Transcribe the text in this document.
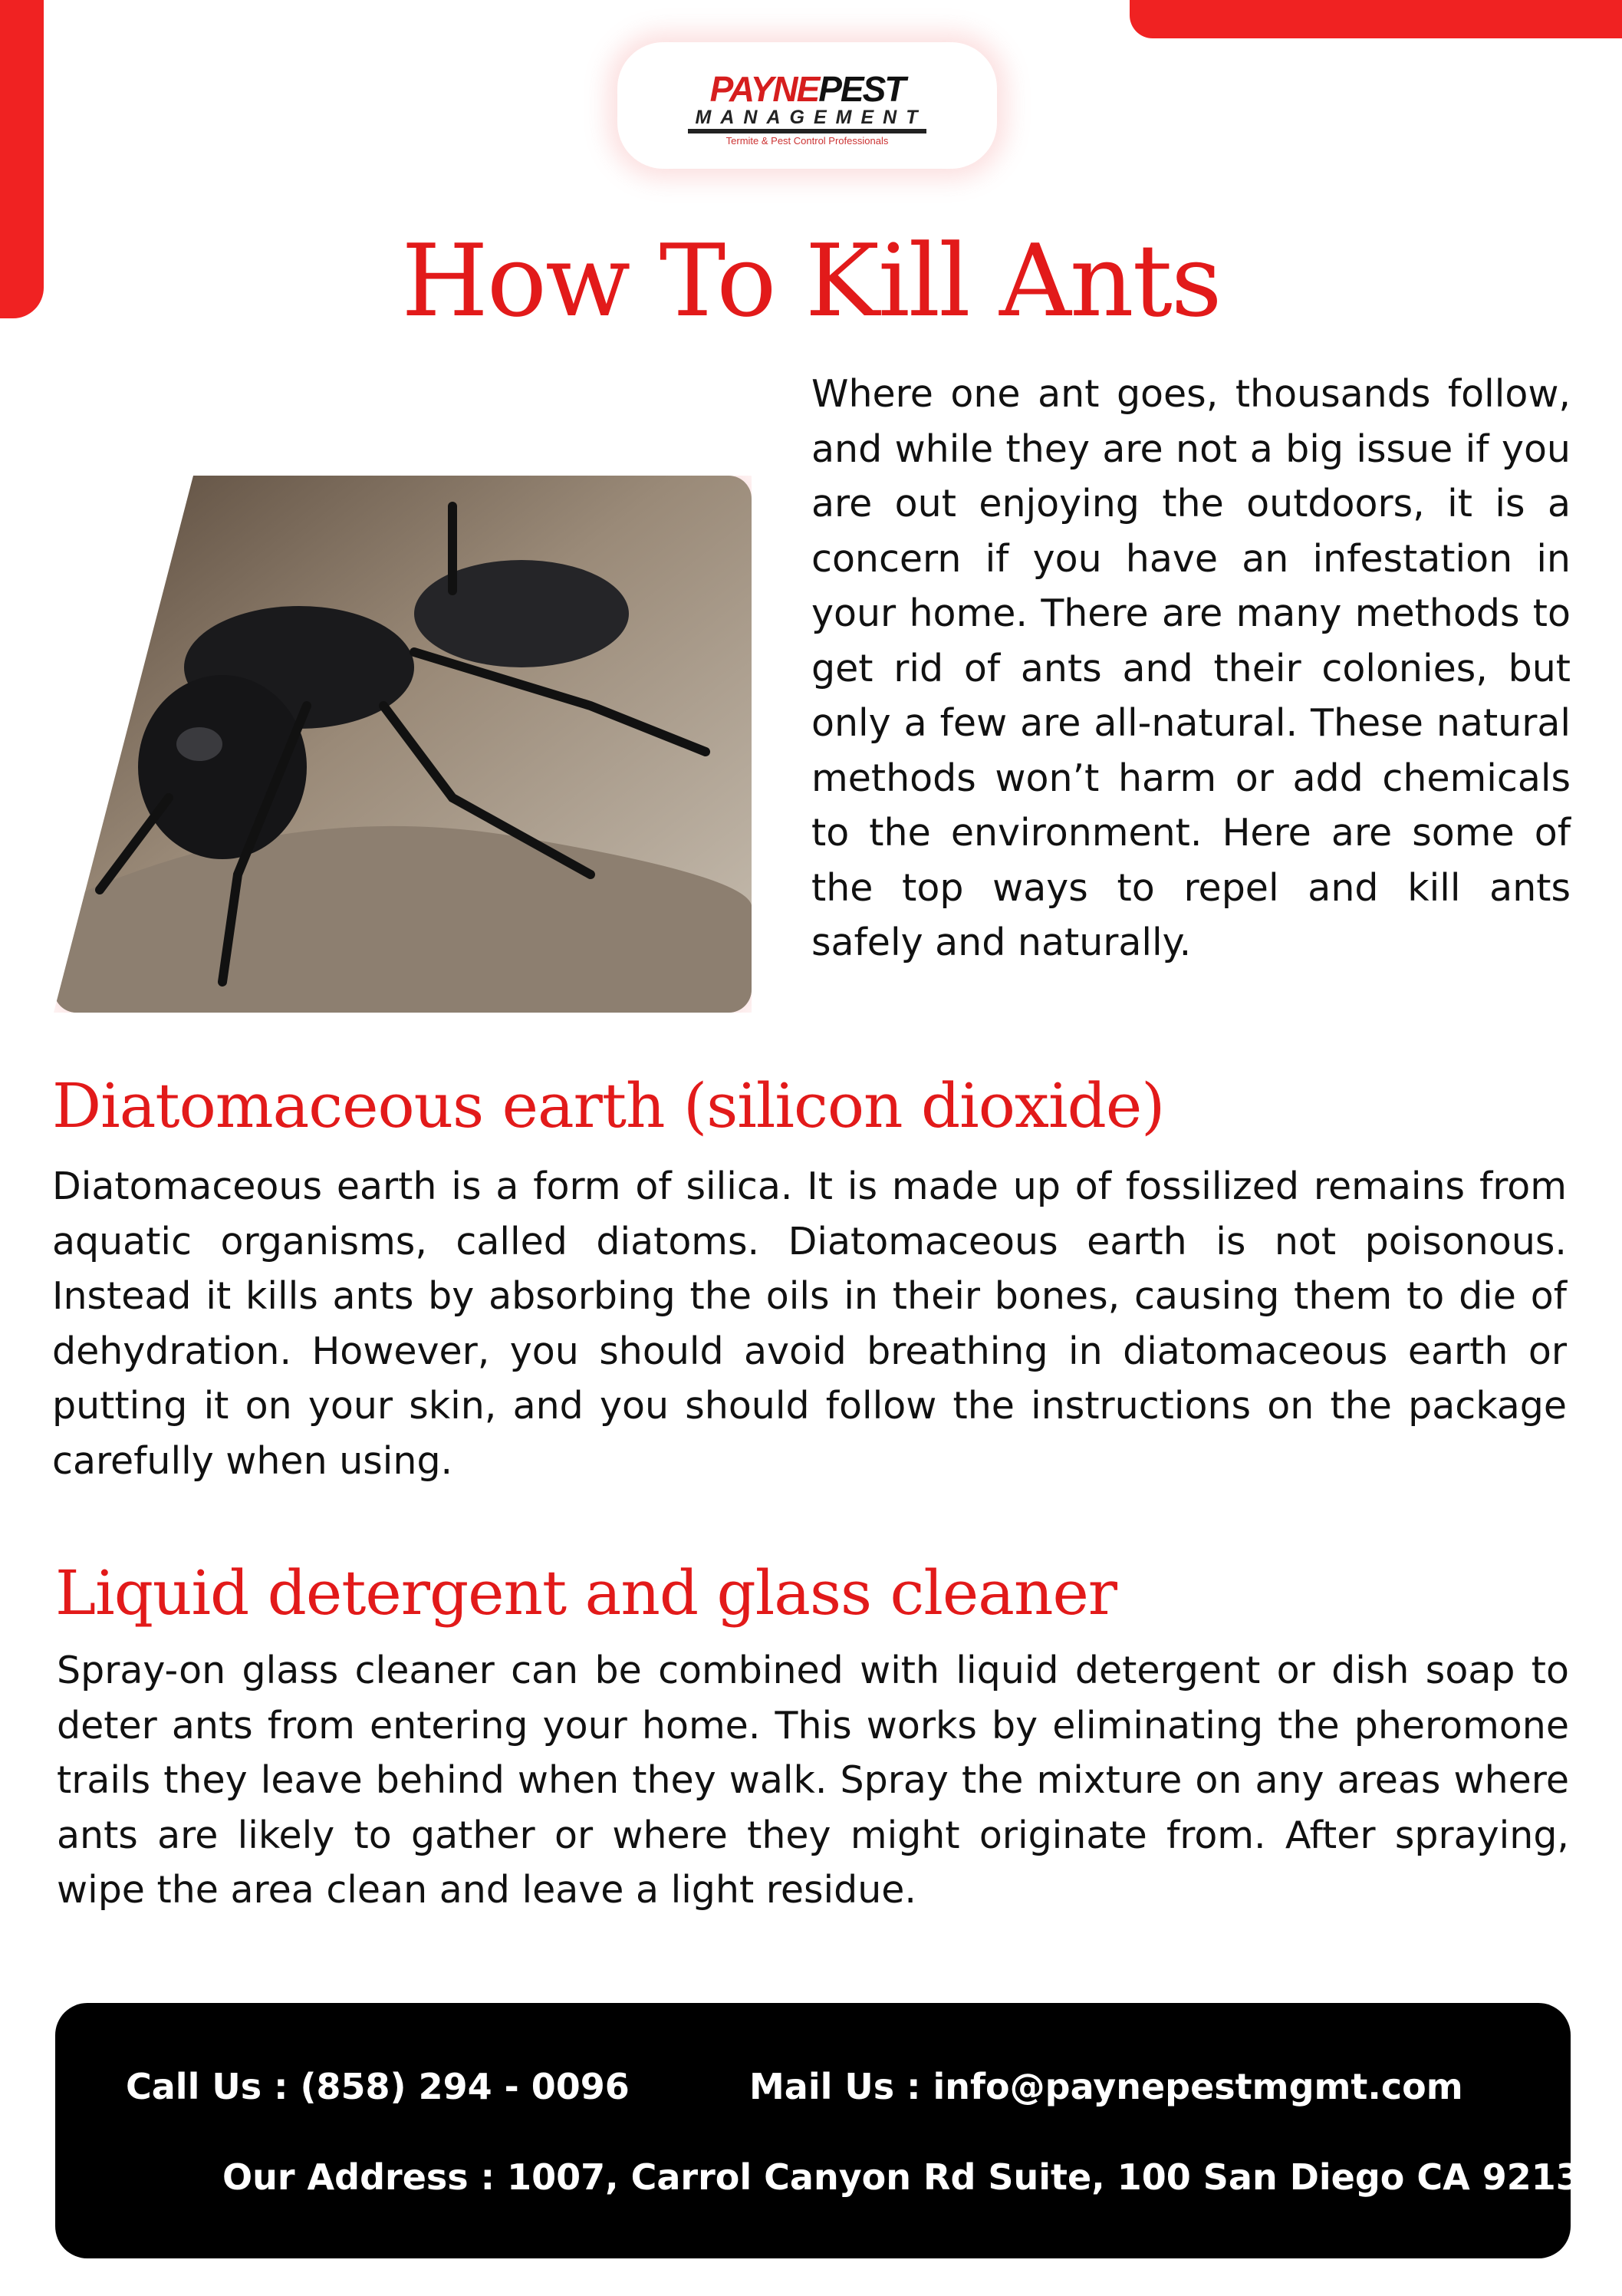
PAYNEPEST
MANAGEMENT
Termite & Pest Control Professionals
How To Kill Ants

Where one ant goes, thousands follow, and while they are not a big issue if you are out enjoying the outdoors, it is a concern if you have an infestation in your home. There are many methods to get rid of ants and their colonies, but only a few are all-natural. These natural methods won’t harm or add chemicals to the environment. Here are some of the top ways to repel and kill ants safely and naturally.

Diatomaceous earth (silicon dioxide)

Diatomaceous earth is a form of silica. It is made up of fossilized remains from aquatic organisms, called diatoms. Diatomaceous earth is not poisonous. Instead it kills ants by absorbing the oils in their bones, causing them to die of dehydration. However, you should avoid breathing in diatomaceous earth or putting it on your skin, and you should follow the instructions on the package carefully when using.

Liquid detergent and glass cleaner

Spray-on glass cleaner can be combined with liquid detergent or dish soap to deter ants from entering your home. This works by eliminating the pheromone trails they leave behind when they walk. Spray the mixture on any areas where ants are likely to gather or where they might originate from. After spraying, wipe the area clean and leave a light residue.

Call Us : (858) 294 - 0096	Mail Us : info@paynepestmgmt.com
Our Address : 1007, Carrol Canyon Rd Suite, 100 San Diego CA 92131
